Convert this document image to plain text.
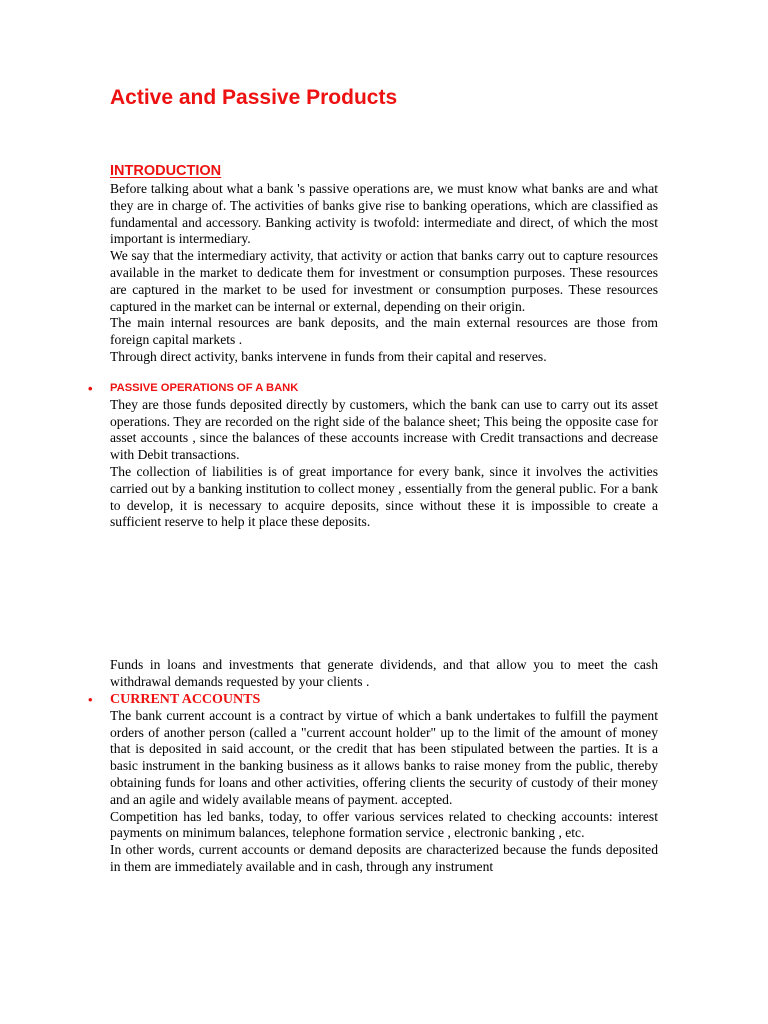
Active and Passive Products
INTRODUCTION

Before talking about what a bank 's passive operations are, we must know what banks are and what they are in charge of. The activities of banks give rise to banking operations, which are classified as fundamental and accessory. Banking activity is twofold: intermediate and direct, of which the most important is intermediary.

We say that the intermediary activity, that activity or action that banks carry out to capture resources available in the market to dedicate them for investment or consumption purposes. These resources are captured in the market to be used for investment or consumption purposes. These resources captured in the market can be internal or external, depending on their origin.

The main internal resources are bank deposits, and the main external resources are those from foreign capital markets .

Through direct activity, banks intervene in funds from their capital and reserves.

• PASSIVE OPERATIONS OF A BANK

They are those funds deposited directly by customers, which the bank can use to carry out its asset operations. They are recorded on the right side of the balance sheet; This being the opposite case for asset accounts , since the balances of these accounts increase with Credit transactions and decrease with Debit transactions.

The collection of liabilities is of great importance for every bank, since it involves the activities carried out by a banking institution to collect money , essentially from the general public. For a bank to develop, it is necessary to acquire deposits, since without these it is impossible to create a sufficient reserve to help it place these deposits.

Funds in loans and investments that generate dividends, and that allow you to meet the cash withdrawal demands requested by your clients .

• CURRENT ACCOUNTS

The bank current account is a contract by virtue of which a bank undertakes to fulfill the payment orders of another person (called a "current account holder" up to the limit of the amount of money that is deposited in said account, or the credit that has been stipulated between the parties. It is a basic instrument in the banking business as it allows banks to raise money from the public, thereby obtaining funds for loans and other activities, offering clients the security of custody of their money and an agile and widely available means of payment. accepted.

Competition has led banks, today, to offer various services related to checking accounts: interest payments on minimum balances, telephone formation service , electronic banking , etc.

In other words, current accounts or demand deposits are characterized because the funds deposited in them are immediately available and in cash, through any instrument
